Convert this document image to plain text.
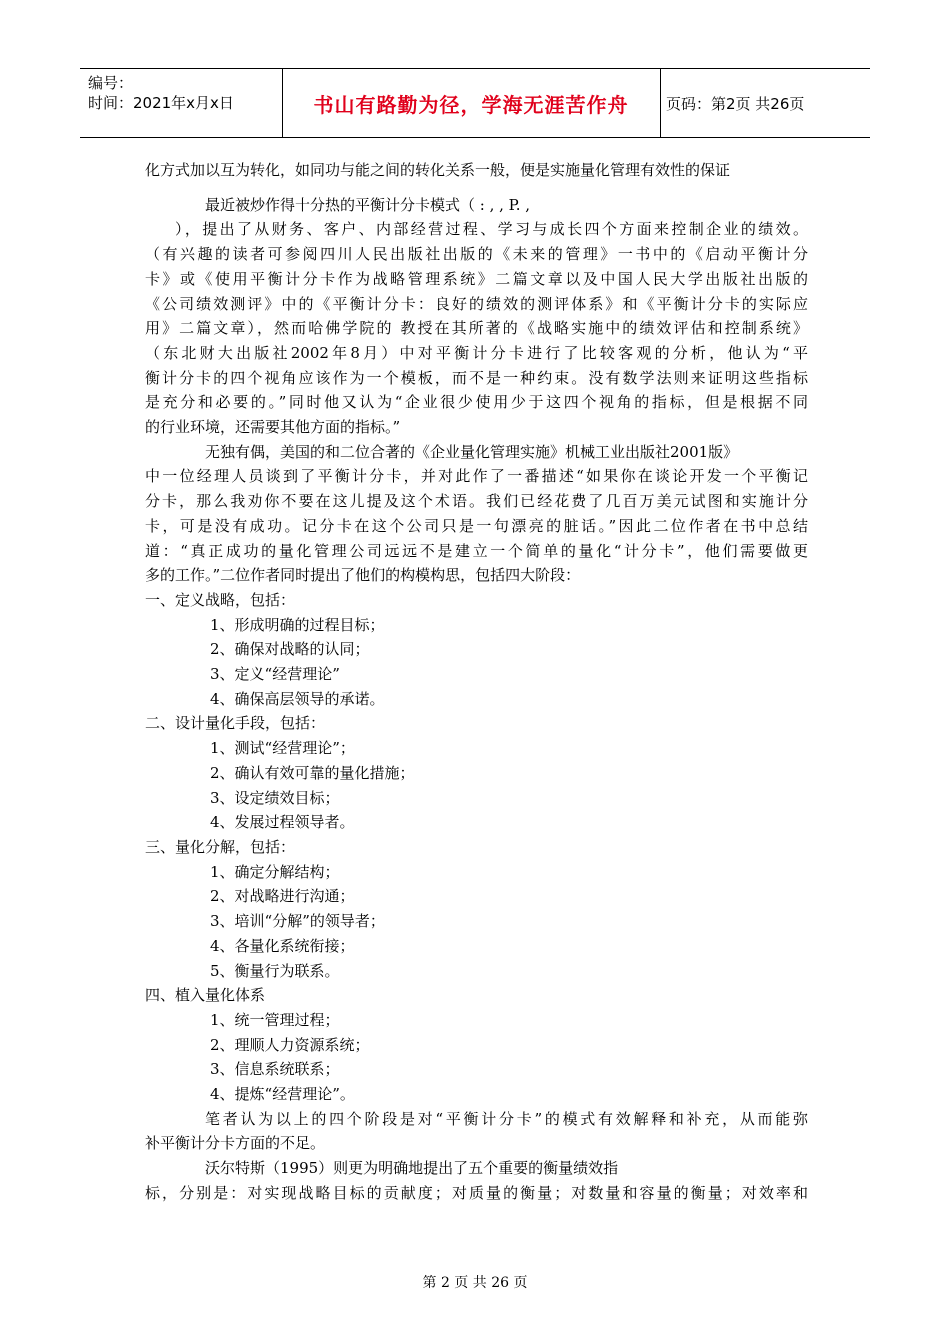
编号：
时间：2021年x月x日	书山有路勤为径，学海无涯苦作舟	页码：第2页 共26页

化方式加以互为转化，如同功与能之间的转化关系一般，便是实施量化管理有效性的保证

最近被炒作得十分热的平衡计分卡模式（ : , , P. ,

），提出了从财务、客户、内部经营过程、学习与成长四个方面来控制企业的绩效。

（有兴趣的读者可参阅四川人民出版社出版的《未来的管理》一书中的《启动平衡计分

卡》或《使用平衡计分卡作为战略管理系统》二篇文章以及中国人民大学出版社出版的

《公司绩效测评》中的《平衡计分卡：良好的绩效的测评体系》和《平衡计分卡的实际应

用》二篇文章），然而哈佛学院的 教授在其所著的《战略实施中的绩效评估和控制系统》

（东北财大出版社2002年8月）中对平衡计分卡进行了比较客观的分析，他认为“平

衡计分卡的四个视角应该作为一个模板，而不是一种约束。没有数学法则来证明这些指标

是充分和必要的。”同时他又认为“企业很少使用少于这四个视角的指标，但是根据不同

的行业环境，还需要其他方面的指标。”

无独有偶，美国的和二位合著的《企业量化管理实施》机械工业出版社2001版》

中一位经理人员谈到了平衡计分卡，并对此作了一番描述“如果你在谈论开发一个平衡记

分卡，那么我劝你不要在这儿提及这个术语。我们已经花费了几百万美元试图和实施计分

卡，可是没有成功。记分卡在这个公司只是一句漂亮的脏话。”因此二位作者在书中总结

道：“真正成功的量化管理公司远远不是建立一个简单的量化“计分卡”，他们需要做更

多的工作。”二位作者同时提出了他们的构模构思，包括四大阶段：

一、定义战略，包括：

1、形成明确的过程目标；

2、确保对战略的认同；

3、定义“经营理论”

4、确保高层领导的承诺。

二、设计量化手段，包括：

1、测试“经营理论”；

2、确认有效可靠的量化措施；

3、设定绩效目标；

4、发展过程领导者。

三、量化分解，包括：

1、确定分解结构；

2、对战略进行沟通；

3、培训“分解”的领导者；

4、各量化系统衔接；

5、衡量行为联系。

四、植入量化体系

1、统一管理过程；

2、理顺人力资源系统；

3、信息系统联系；

4、提炼“经营理论”。

笔者认为以上的四个阶段是对“平衡计分卡”的模式有效解释和补充，从而能弥

补平衡计分卡方面的不足。

沃尔特斯（1995）则更为明确地提出了五个重要的衡量绩效指

标，分别是：对实现战略目标的贡献度；对质量的衡量；对数量和容量的衡量；对效率和

第 2 页 共 26 页
